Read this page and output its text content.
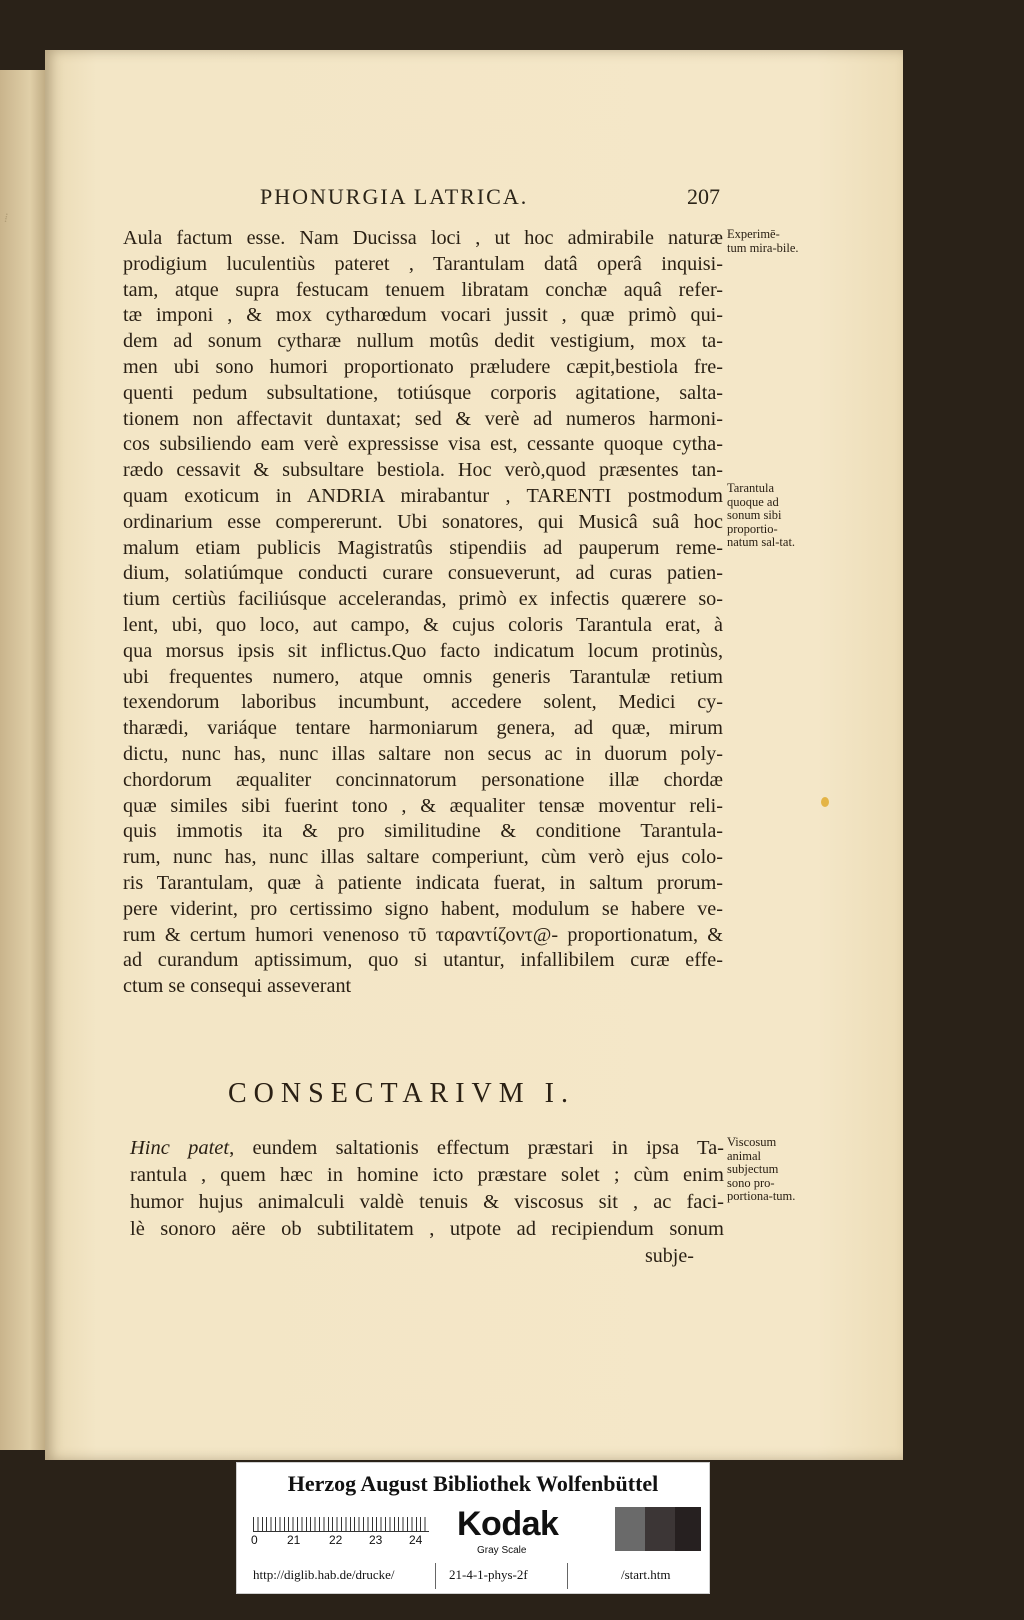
⁞
PHONURGIA LATRICA.	207
Aula factum esse. Nam Ducissa loci , ut hoc admirabile naturæ
prodigium luculentiùs pateret , Tarantulam datâ operâ inquisi-
tam, atque supra festucam tenuem libratam conchæ aquâ refer-
tæ imponi , & mox cytharœdum vocari jussit , quæ primò qui-
dem ad sonum cytharæ nullum motûs dedit vestigium, mox ta-
men ubi sono humori proportionato præludere cæpit,bestiola fre-
quenti pedum subsultatione, totiúsque corporis agitatione, salta-
tionem non affectavit duntaxat; sed & verè ad numeros harmoni-
cos subsiliendo eam verè expressisse visa est, cessante quoque cytha-
rædo cessavit & subsultare bestiola. Hoc verò,quod præsentes tan-
quam exoticum in ANDRIA mirabantur , TARENTI postmodum
ordinarium esse compererunt. Ubi sonatores, qui Musicâ suâ hoc
malum etiam publicis Magistratûs stipendiis ad pauperum reme-
dium, solatiúmque conducti curare consueverunt, ad curas patien-
tium certiùs faciliúsque accelerandas, primò ex infectis quærere so-
lent, ubi, quo loco, aut campo, & cujus coloris Tarantula erat, à
qua morsus ipsis sit inflictus.Quo facto indicatum locum protinùs,
ubi frequentes numero, atque omnis generis Tarantulæ retium
texendorum laboribus incumbunt, accedere solent, Medici cy-
tharædi, variáque tentare harmoniarum genera, ad quæ, mirum
dictu, nunc has, nunc illas saltare non secus ac in duorum poly-
chordorum æqualiter concinnatorum personatione illæ chordæ
quæ similes sibi fuerint tono , & æqualiter tensæ moventur reli-
quis immotis ita & pro similitudine & conditione Tarantula-
rum, nunc has, nunc illas saltare comperiunt, cùm verò ejus colo-
ris Tarantulam, quæ à patiente indicata fuerat, in saltum prorum-
pere viderint, pro certissimo signo habent, modulum se habere ve-
rum & certum humori venenoso τῦ ταραντίζοντ@- proportionatum, &
ad curandum aptissimum, quo si utantur, infallibilem curæ effe-
ctum se consequi asseverant
Experimē-tum mira-bile.
Tarantula quoque ad sonum sibi proportio-natum sal-tat.
Viscosum animal subjectum sono pro-portiona-tum.
CONSECTARIVM I.
Hinc patet, eundem saltationis effectum præstari in ipsa Ta-
rantula , quem hæc in homine icto præstare solet ; cùm enim
humor hujus animalculi valdè tenuis & viscosus sit , ac faci-
lè sonoro aëre ob subtilitatem , utpote ad recipiendum sonum
subje-
Herzog August Bibliothek Wolfenbüttel
0 21 22 23 24 Kodak
Gray Scale
http://diglib.hab.de/drucke/	21-4-1-phys-2f	/start.htm
